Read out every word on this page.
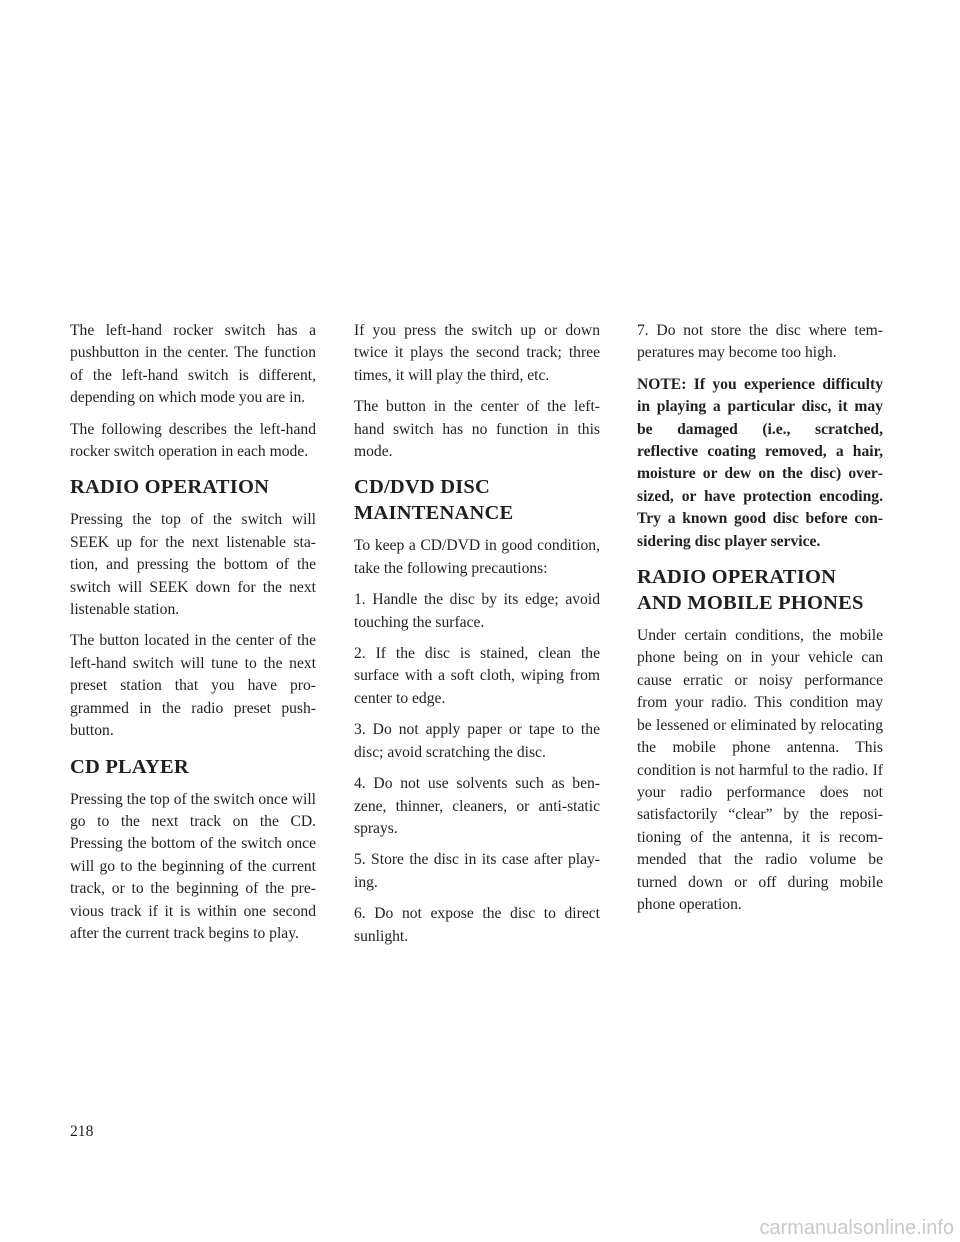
The left-hand rocker switch has a pushbutton in the center. The function of the left-hand switch is different, depending on which mode you are in.

The following describes the left-hand rocker switch operation in each mode.

RADIO OPERATION

Pressing the top of the switch will SEEK up for the next listenable station, and pressing the bottom of the switch will SEEK down for the next listenable station.

The button located in the center of the left-hand switch will tune to the next preset station that you have programmed in the radio preset pushbutton.

CD PLAYER

Pressing the top of the switch once will go to the next track on the CD. Pressing the bottom of the switch once will go to the beginning of the current track, or to the beginning of the previous track if it is within one second after the current track begins to play.

If you press the switch up or down twice it plays the second track; three times, it will play the third, etc.

The button in the center of the left-hand switch has no function in this mode.

CD/DVD DISC MAINTENANCE

To keep a CD/DVD in good condition, take the following precautions:

1. Handle the disc by its edge; avoid touching the surface.

2. If the disc is stained, clean the surface with a soft cloth, wiping from center to edge.

3. Do not apply paper or tape to the disc; avoid scratching the disc.

4. Do not use solvents such as benzene, thinner, cleaners, or anti-static sprays.

5. Store the disc in its case after playing.

6. Do not expose the disc to direct sunlight.

7. Do not store the disc where temperatures may become too high.

NOTE: If you experience difficulty in playing a particular disc, it may be damaged (i.e., scratched, reflective coating removed, a hair, moisture or dew on the disc) oversized, or have protection encoding. Try a known good disc before considering disc player service.

RADIO OPERATION AND MOBILE PHONES

Under certain conditions, the mobile phone being on in your vehicle can cause erratic or noisy performance from your radio. This condition may be lessened or eliminated by relocating the mobile phone antenna. This condition is not harmful to the radio. If your radio performance does not satisfactorily “clear” by the repositioning of the antenna, it is recommended that the radio volume be turned down or off during mobile phone operation.

218
carmanualsonline.info
